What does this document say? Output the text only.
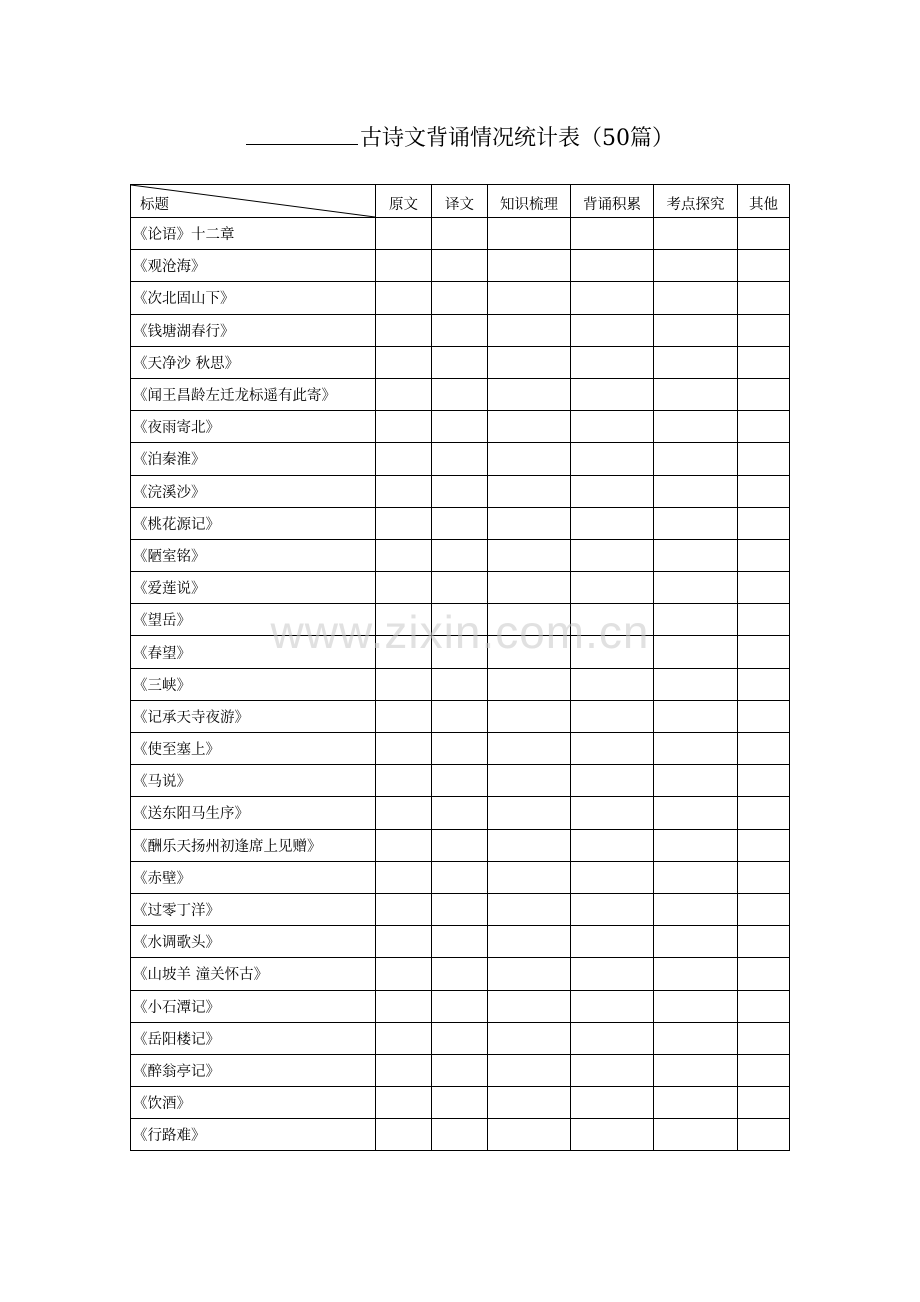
古诗文背诵情况统计表（50篇）
标题	原文	译文	知识梳理	背诵积累	考点探究	其他
《论语》十二章						
《观沧海》						
《次北固山下》						
《钱塘湖春行》						
《天净沙 秋思》						
《闻王昌龄左迁龙标遥有此寄》						
《夜雨寄北》						
《泊秦淮》						
《浣溪沙》						
《桃花源记》						
《陋室铭》						
《爱莲说》						
《望岳》						
《春望》						
《三峡》						
《记承天寺夜游》						
《使至塞上》						
《马说》						
《送东阳马生序》						
《酬乐天扬州初逢席上见赠》						
《赤壁》						
《过零丁洋》						
《水调歌头》						
《山坡羊 潼关怀古》						
《小石潭记》						
《岳阳楼记》						
《醉翁亭记》						
《饮酒》						
《行路难》						
www.zixin.com.cn
